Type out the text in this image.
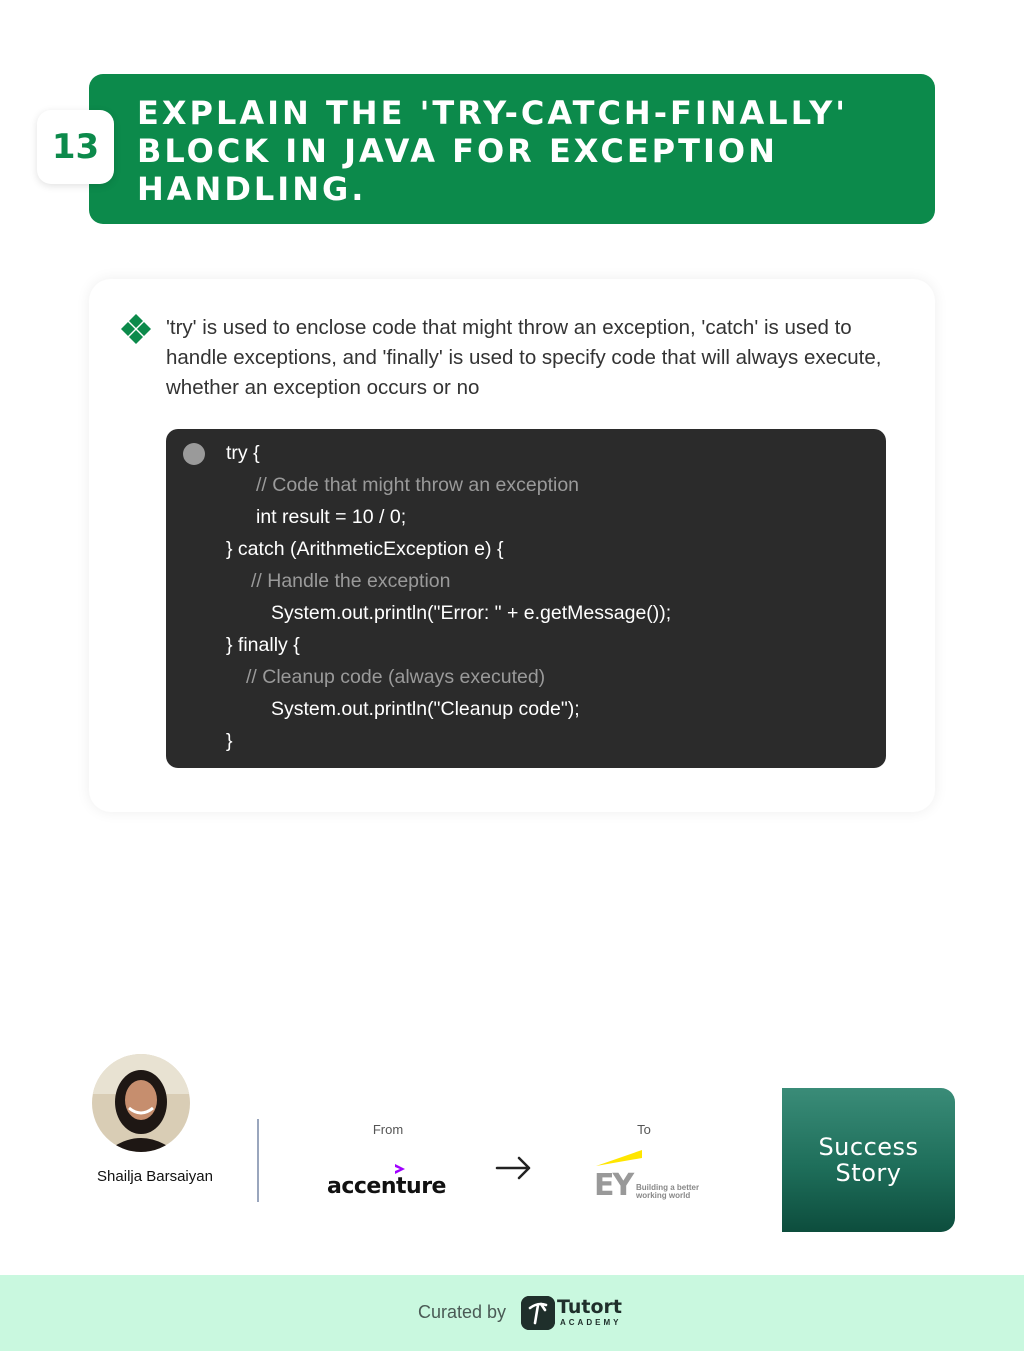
EXPLAIN THE 'TRY-CATCH-FINALLY' BLOCK IN JAVA FOR EXCEPTION HANDLING.
13
'try' is used to enclose code that might throw an exception, 'catch' is used to handle exceptions, and 'finally' is used to specify code that will always execute, whether an exception occurs or no
try {
// Code that might throw an exception
int result = 10 / 0;
} catch (ArithmeticException e) {
// Handle the exception
System.out.println("Error: " + e.getMessage());
} finally {
// Cleanup code (always executed)
System.out.println("Cleanup code");
}
Shailja Barsaiyan
From
accenture
To
EY Building a better working world
Success Story
Curated by	Tutort
ACADEMY
